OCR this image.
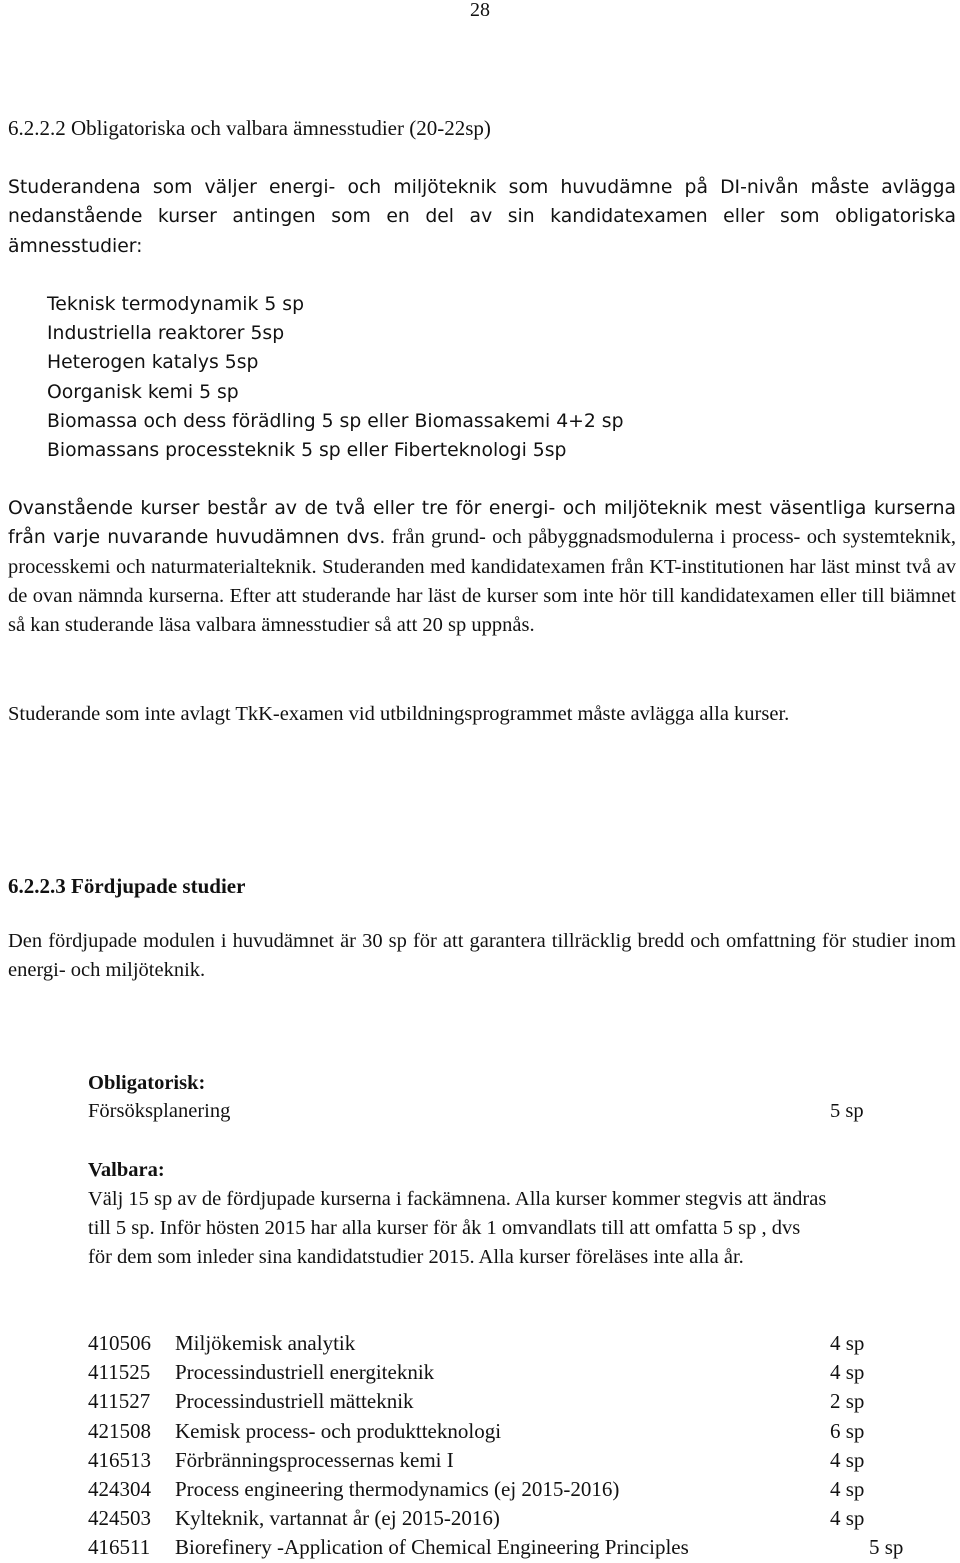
28
6.2.2.2 Obligatoriska och valbara ämnesstudier (20-22sp)
Studerandena som väljer energi- och miljöteknik som huvudämne på DI-nivån måste avlägga nedanstående kurser antingen som en del av sin kandidatexamen eller som obligatoriska ämnesstudier:
Teknisk termodynamik 5 sp
Industriella reaktorer 5sp
Heterogen katalys 5sp
Oorganisk kemi 5 sp
Biomassa och dess förädling 5 sp eller Biomassakemi 4+2 sp
Biomassans processteknik 5 sp eller Fiberteknologi 5sp
Ovanstående kurser består av de två eller tre för energi- och miljöteknik mest väsentliga kurserna från varje nuvarande huvudämnen dvs. från grund- och påbyggnadsmodulerna i process- och systemteknik, processkemi och naturmaterialteknik. Studeranden med kandidatexamen från KT-institutionen har läst minst två av de ovan nämnda kurserna. Efter att studerande har läst de kurser som inte hör till kandidatexamen eller till biämnet så kan studerande läsa valbara ämnesstudier så att 20 sp uppnås.
Studerande som inte avlagt TkK-examen vid utbildningsprogrammet måste avlägga alla kurser.
6.2.2.3 Fördjupade studier
Den fördjupade modulen i huvudämnet är 30 sp för att garantera tillräcklig bredd och omfattning för studier inom energi- och miljöteknik.
Obligatorisk:
Försöksplanering	5 sp
Valbara:
Välj 15 sp av de fördjupade kurserna i fackämnena. Alla kurser kommer stegvis att ändras till 5 sp. Inför hösten 2015 har alla kurser för åk 1 omvandlats till att omfatta 5 sp , dvs för dem som inleder sina kandidatstudier 2015. Alla kurser föreläses inte alla år.
410506 Miljökemisk analytik	4 sp
411525 Processindustriell energiteknik	4 sp
411527 Processindustriell mätteknik	2 sp
421508 Kemisk process- och produktteknologi	6 sp
416513 Förbränningsprocessernas kemi I	4 sp
424304 Process engineering thermodynamics (ej 2015-2016)	4 sp
424503 Kylteknik, vartannat år (ej 2015-2016)	4 sp
416511 Biorefinery -Application of Chemical Engineering Principles	5 sp
